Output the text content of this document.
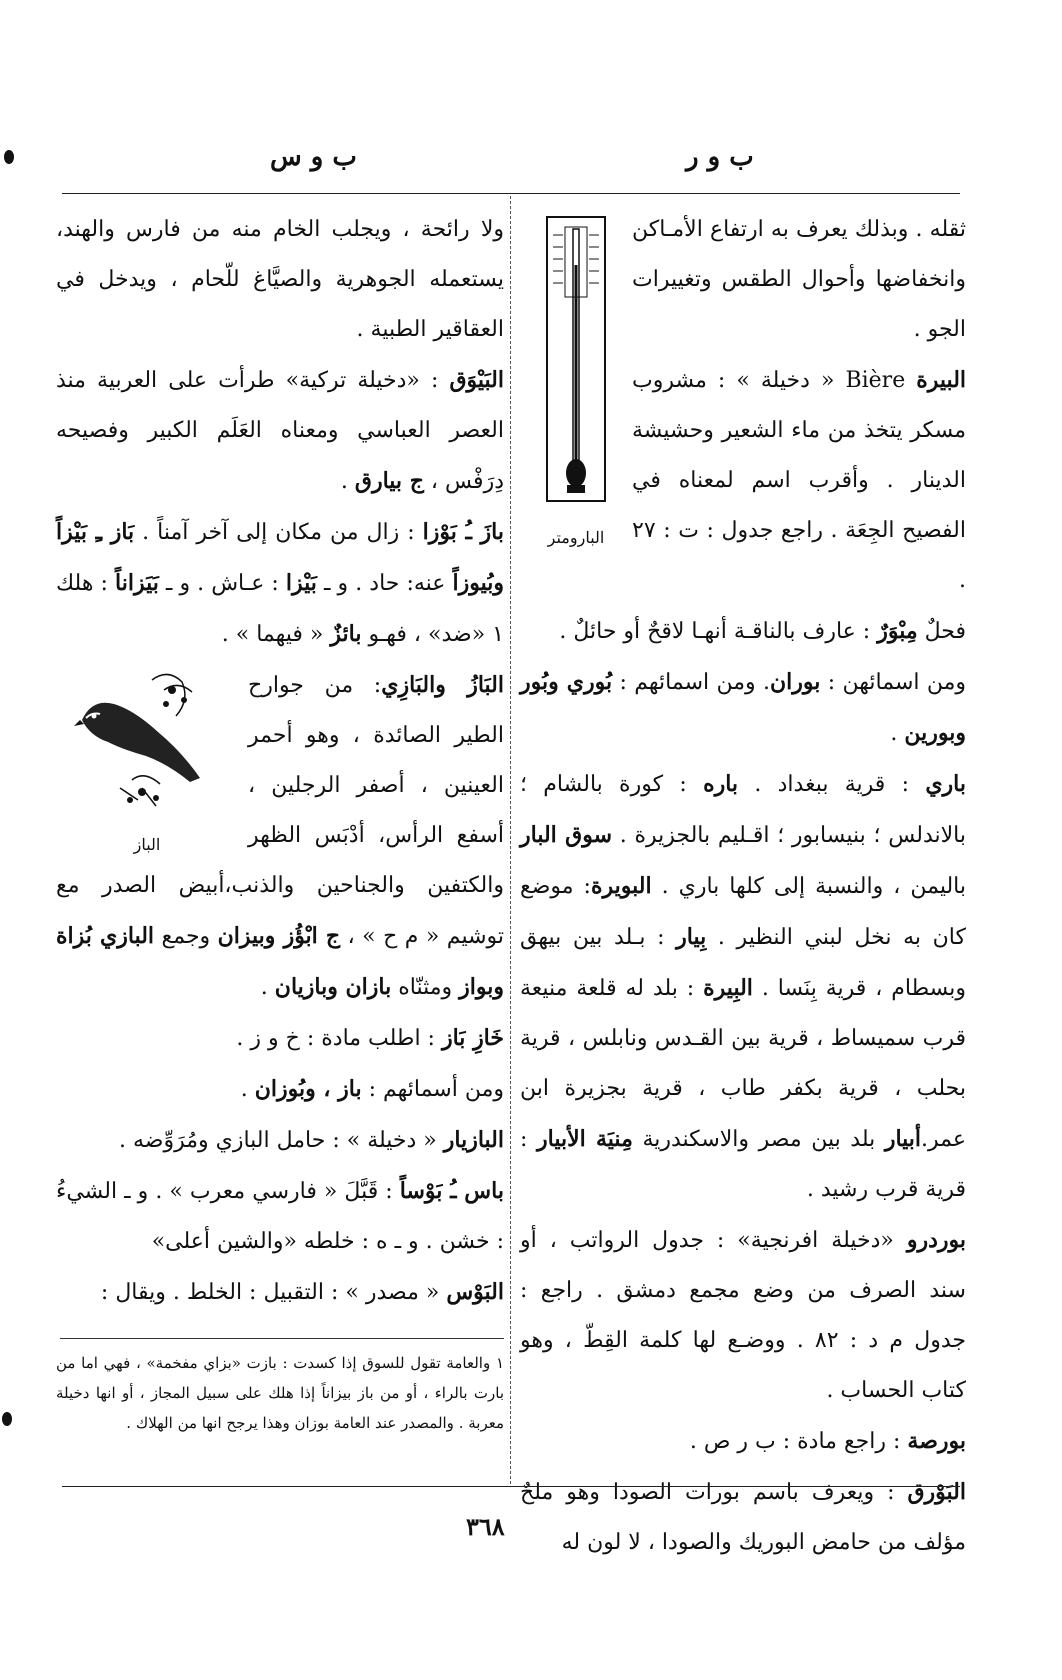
ب و ر
ب و س
البارومتر

ثقله . وبذلك يعرف به ارتفاع الأمـاكن وانخفاضها وأحوال الطقس وتغييرات الجو .

البيرة Bière « دخيلة » : مشروب مسكر يتخذ من ماء الشعير وحشيشة الدينار . وأقرب اسم لمعناه في الفصيح الجِعَة . راجع جدول : ت : ٢٧ .

فحلٌ مِبْوَرٌ : عارف بالناقـة أنهـا لاقحٌ أو حائلٌ .

ومن اسمائهن : بوران. ومن اسمائهم : بُوري وبُور وبورين .

باري : قرية ببغداد . باره : كورة بالشام ؛ بالاندلس ؛ بنيسابور ؛ اقـليم بالجزيرة . سوق البار باليمن ، والنسبة إلى كلها باري . البويرة: موضع كان به نخل لبني النظير . بِيار : بـلد بين بيهق وبسطام ، قرية بِنَسا . البِيرة : بلد له قلعة منيعة قرب سميساط ، قرية بين القـدس ونابلس ، قرية بحلب ، قرية بكفر طاب ، قرية بجزيرة ابن عمر.أبيار بلد بين مصر والاسكندرية مِنيَة الأبيار : قرية قرب رشيد .

بوردرو «دخيلة افرنجية» : جدول الرواتب ، أو سند الصرف من وضع مجمع دمشق . راجع : جدول م د : ٨٢ . ووضـع لها كلمة القِطّ ، وهو كتاب الحساب .

بورصة : راجع مادة : ب ر ص .

البَوْرق : ويعرف باسم بورات الصودا وهو ملحٌ مؤلف من حامض البوريك والصودا ، لا لون له

ولا رائحة ، ويجلب الخام منه من فارس والهند، يستعمله الجوهرية والصيَّاغ للّحام ، ويدخل في العقاقير الطبية .

البَيْوَق : «دخيلة تركية» طرأت على العربية منذ العصر العباسي ومعناه العَلَم الكبير وفصيحه دِرَفْس ، ج بيارق .

بازَ ـُ بَوْزا : زال من مكان إلى آخر آمناً . بَاز ـِ بَيْزاً وبُيوزاً عنه: حاد . و ـ بَيْزا : عـاش . و ـ بَيَزاناً : هلك ١ «ضد» ، فهـو بائزٌ « فيهما » .

الباز
البَازُ والبَازِي: من جوارح الطير الصائدة ، وهو أحمر العينين ، أصفر الرجلين ، أسفع الرأس، أدْبَس الظهر والكتفين والجناحين والذنب،أبيض الصدر مع توشيم « م ح » ، ج ابْؤُز وبيزان وجمع البازي بُزاة وبواز ومثنّاه بازان وبازيان .

خَازِ بَاز : اطلب مادة : خ و ز .

ومن أسمائهم : باز ، وبُوزان .

البازيار « دخيلة » : حامل البازي ومُرَوِّضه .

باس ـُ بَوْساً : قَبَّلَ « فارسي معرب » . و ـ الشيءُ : خشن . و ـ ه : خلطه «والشين أعلى»

البَوْس « مصدر » : التقبيل : الخلط . ويقال :

١ والعامة تقول للسوق إذا كسدت : بازت «بزاي مفخمة» ، فهي اما من بارت بالراء ، أو من باز بيزاناً إذا هلك على سبيل المجاز ، أو انها دخيلة معربة . والمصدر عند العامة بوزان وهذا يرجح انها من الهلاك .

٣٦٨
